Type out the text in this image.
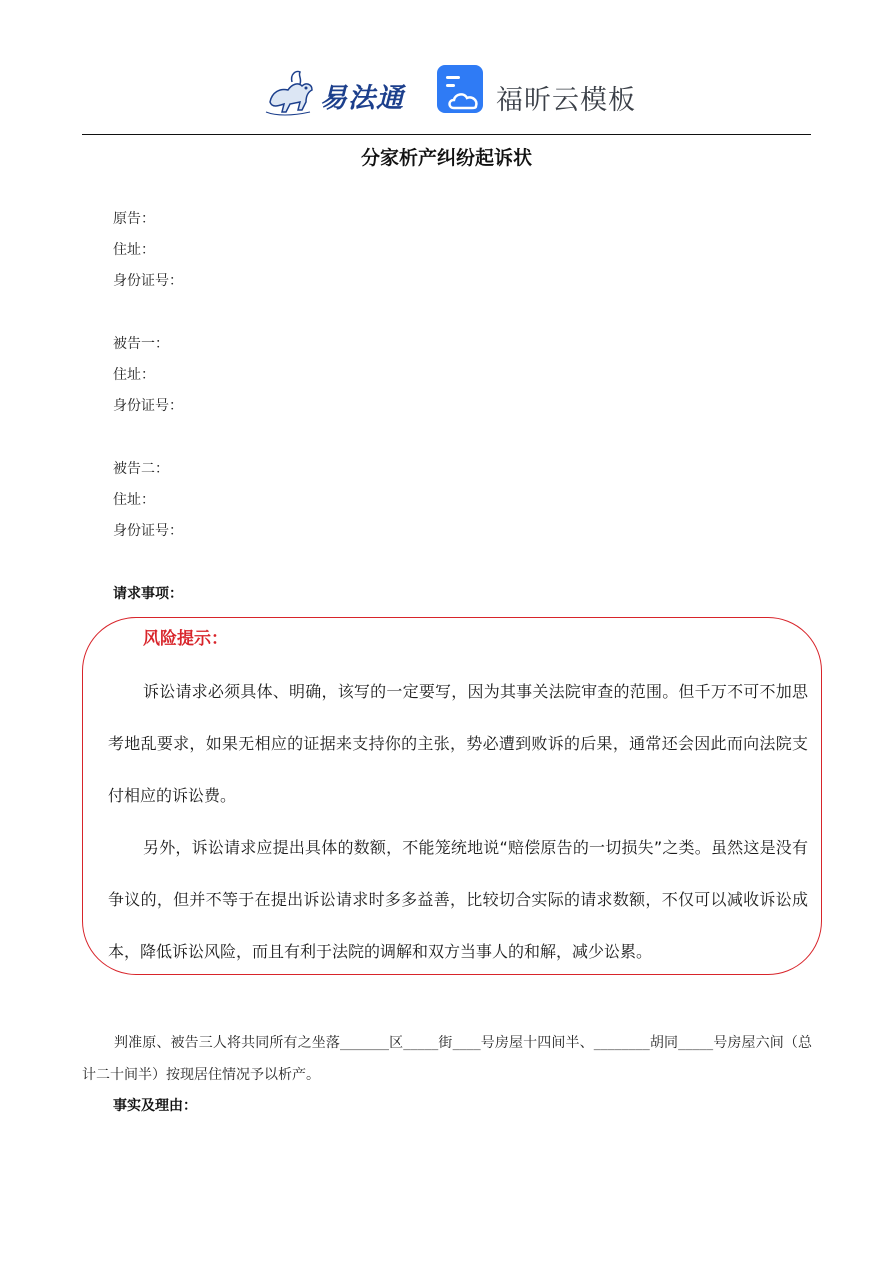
易法通	福昕云模板
分家析产纠纷起诉状
原告：
住址：
身份证号：
被告一：
住址：
身份证号：
被告二：
住址：
身份证号：
请求事项：
风险提示：
诉讼请求必须具体、明确，该写的一定要写，因为其事关法院审查的范围。但千万不可不加思考地乱要求，如果无相应的证据来支持你的主张，势必遭到败诉的后果，通常还会因此而向法院支付相应的诉讼费。
另外，诉讼请求应提出具体的数额，不能笼统地说“赔偿原告的一切损失”之类。虽然这是没有争议的，但并不等于在提出诉讼请求时多多益善，比较切合实际的请求数额，不仅可以减收诉讼成本，降低诉讼风险，而且有利于法院的调解和双方当事人的和解，减少讼累。
判准原、被告三人将共同所有之坐落_______区_____街____号房屋十四间半、________胡同_____号房屋六间（总计二十间半）按现居住情况予以析产。
事实及理由：
